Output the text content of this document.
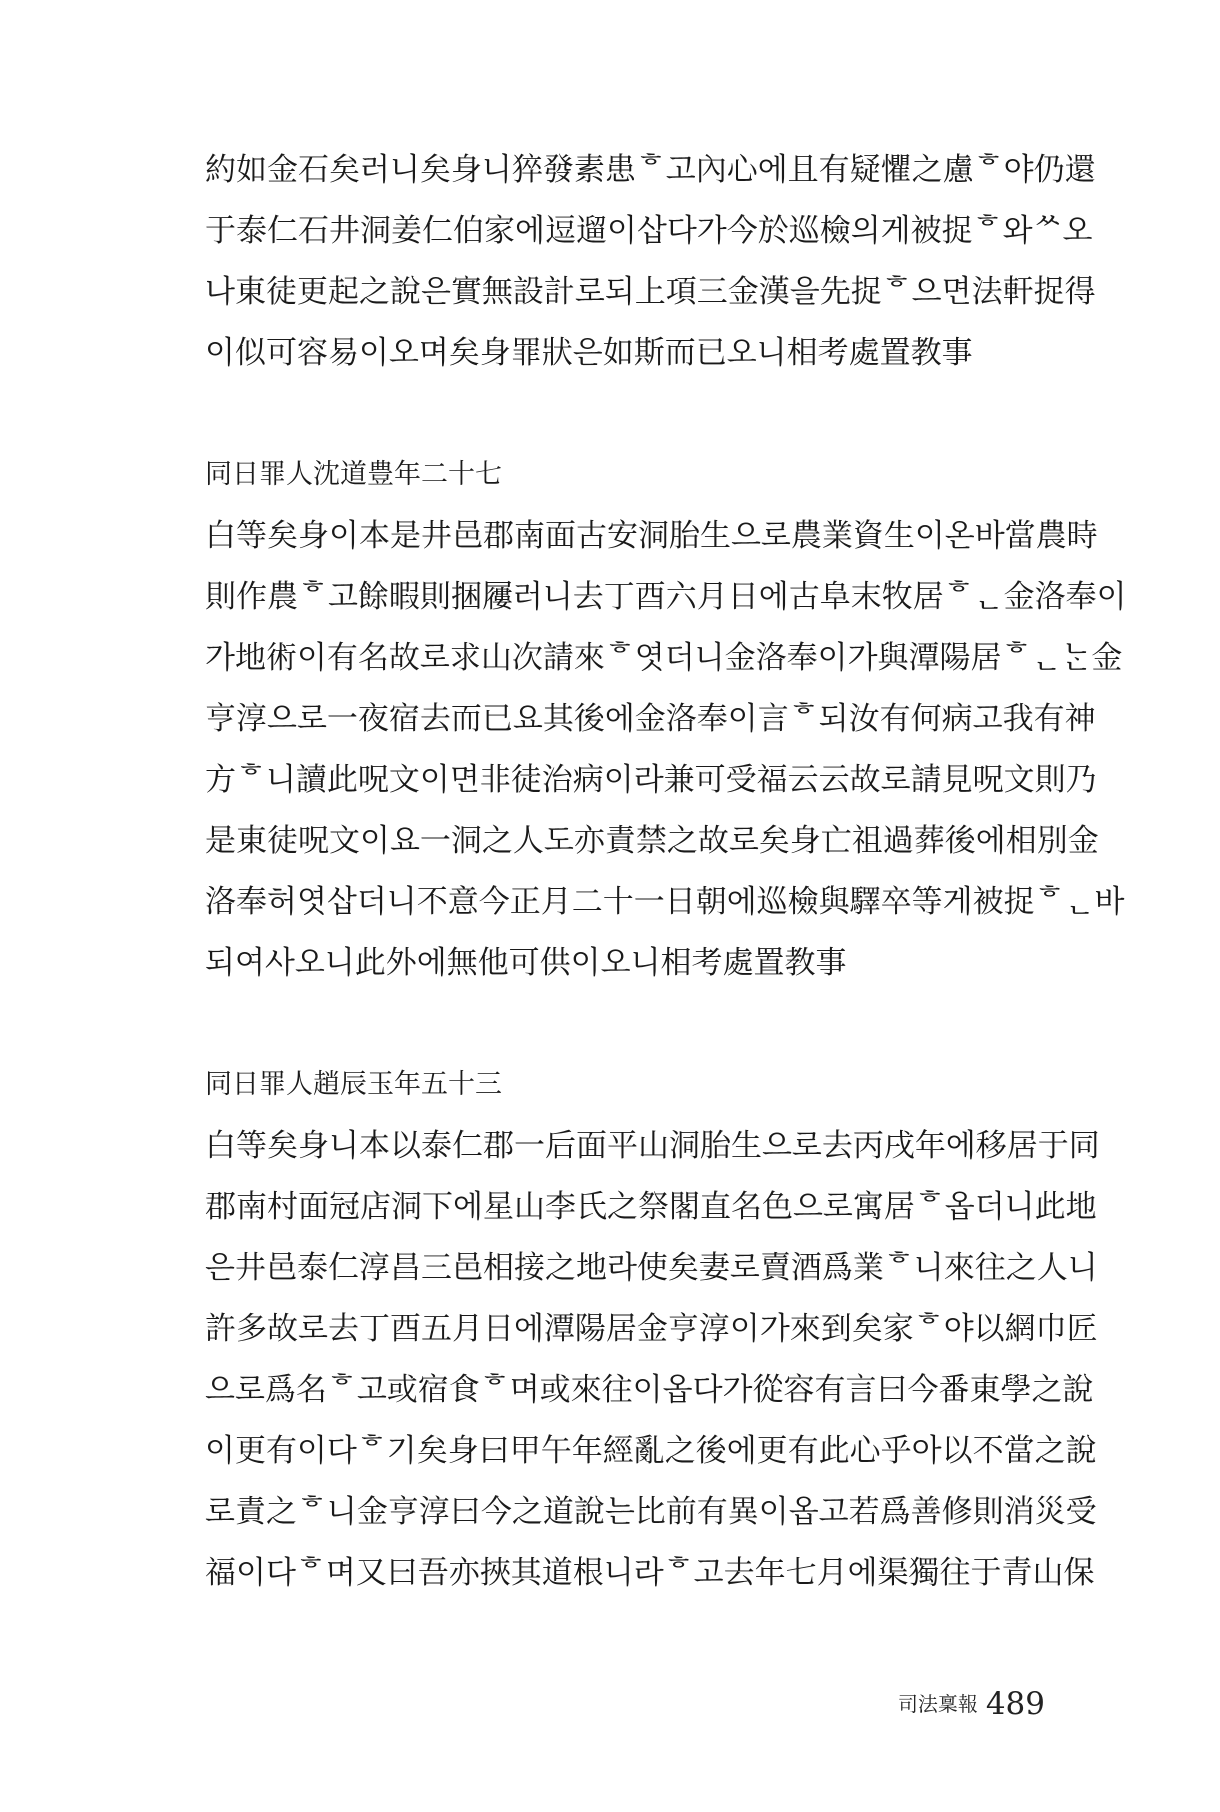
約如金石矣러니矣身니猝發素患ᄒ고內心에且有疑懼之慮ᄒ야仍還
于泰仁石井洞姜仁伯家에逗遛이삽다가今於巡檢의게被捉ᄒ와ᄊ오
나東徒更起之說은實無設計로되上項三金漢을先捉ᄒ으면法軒捉得
이似可容易이오며矣身罪狀은如斯而已오니相考處置教事
同日罪人沈道豊年二十七
白等矣身이本是井邑郡南面古安洞胎生으로農業資生이온바當農時
則作農ᄒ고餘暇則捆屨러니去丁酉六月日에古阜末牧居ᄒᆫ金洛奉이
가地術이有名故로求山次請來ᄒ엿더니金洛奉이가與潭陽居ᄒᆫᄂᆞᆫ金
亨淳으로一夜宿去而已요其後에金洛奉이言ᄒ되汝有何病고我有神
方ᄒ니讀此呪文이면非徒治病이라兼可受福云云故로請見呪文則乃
是東徒呪文이요一洞之人도亦責禁之故로矣身亡祖過葬後에相別金
洛奉허엿삽더니不意今正月二十一日朝에巡檢與驛卒等게被捉ᄒᆫ바
되여사오니此外에無他可供이오니相考處置教事
同日罪人趙辰玉年五十三
白等矣身니本以泰仁郡一后面平山洞胎生으로去丙戌年에移居于同
郡南村面冠店洞下에星山李氏之祭閣直名色으로寓居ᄒ옵더니此地
은井邑泰仁淳昌三邑相接之地라使矣妻로賣酒爲業ᄒ니來往之人니
許多故로去丁酉五月日에潭陽居金亨淳이가來到矣家ᄒ야以網巾匠
으로爲名ᄒ고或宿食ᄒ며或來往이옵다가從容有言曰今番東學之說
이更有이다ᄒ기矣身曰甲午年經亂之後에更有此心乎아以不當之說
로責之ᄒ니金亨淳曰今之道說는比前有異이옵고若爲善修則消災受
福이다ᄒ며又曰吾亦挾其道根니라ᄒ고去年七月에渠獨往于青山保
司法稟報 489
